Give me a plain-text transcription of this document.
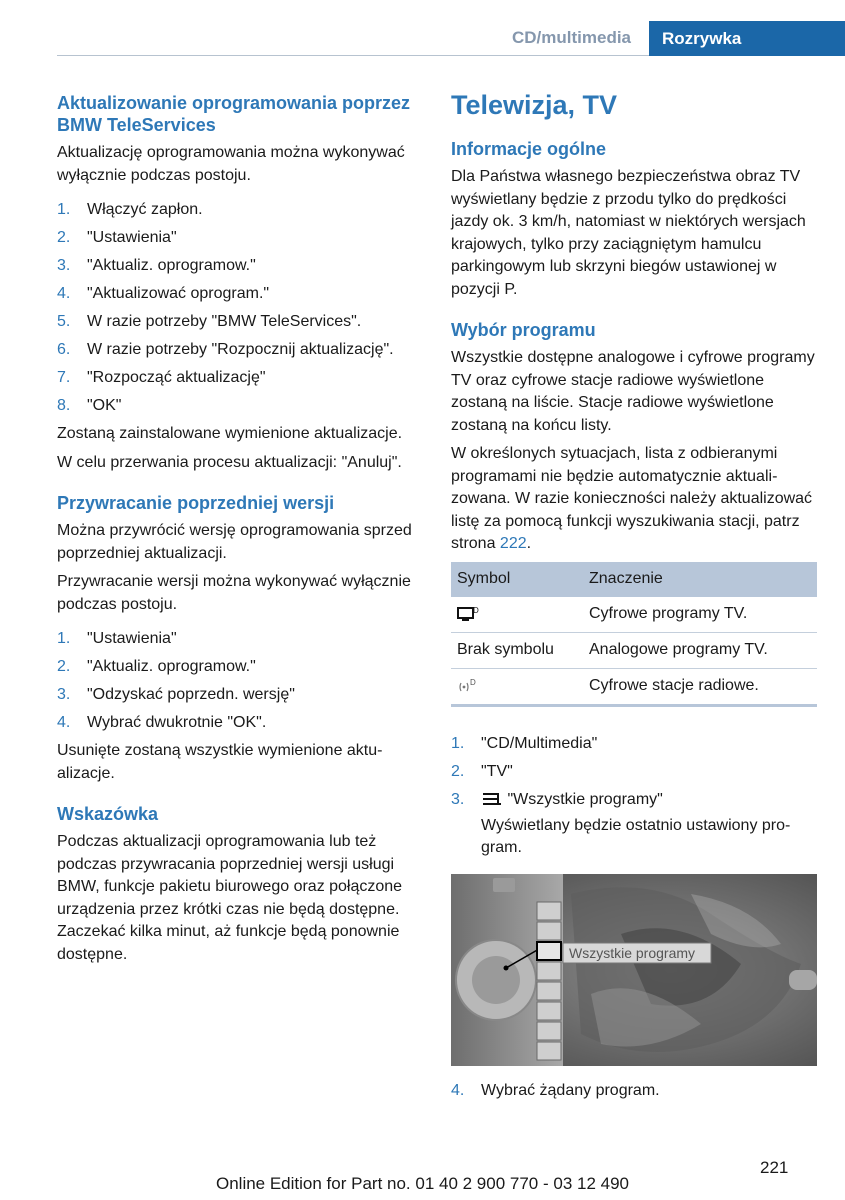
CD/multimedia	Rozrywka
Aktualizowanie oprogramowania poprzez BMW TeleServices

Aktualizację oprogramowania można wykonywać wyłącznie podczas postoju.

1.	Włączyć zapłon.
2.	"Ustawienia"
3.	"Aktualiz. oprogramow."
4.	"Aktualizować oprogram."
5.	W razie potrzeby "BMW TeleServices".
6.	W razie potrzeby "Rozpocznij aktualizację".
7.	"Rozpocząć aktualizację"
8.	"OK"

Zostaną zainstalowane wymienione aktualizacje.

W celu przerwania procesu aktualizacji: "Anuluj".

Przywracanie poprzedniej wersji

Można przywrócić wersję oprogramowania sprzed poprzedniej aktualizacji.

Przywracanie wersji można wykonywać wyłącznie podczas postoju.

1.	"Ustawienia"
2.	"Aktualiz. oprogramow."
3.	"Odzyskać poprzedn. wersję"
4.	Wybrać dwukrotnie "OK".

Usunięte zostaną wszystkie wymienione aktualizacje.

Wskazówka

Podczas aktualizacji oprogramowania lub też podczas przywracania poprzedniej wersji usługi BMW, funkcje pakietu biurowego oraz połączone urządzenia przez krótki czas nie będą dostępne. Zaczekać kilka minut, aż funkcje będą ponownie dostępne.

Telewizja, TV
Informacje ogólne

Dla Państwa własnego bezpieczeństwa obraz TV wyświetlany będzie z przodu tylko do prędkości jazdy ok. 3 km/h, natomiast w niektórych wersjach krajowych, tylko przy zaciągniętym hamulcu parkingowym lub skrzyni biegów ustawionej w pozycji P.

Wybór programu

Wszystkie dostępne analogowe i cyfrowe programy TV oraz cyfrowe stacje radiowe wyświetlone zostaną na liście. Stacje radiowe wyświetlone zostaną na końcu listy.

W określonych sytuacjach, lista z odbieranymi programami nie będzie automatycznie aktualizowana. W razie konieczności należy aktualizować listę za pomocą funkcji wyszukiwania stacji, patrz strona 222.

Symbol	Znaczenie

D	Cyfrowe programy TV.
Brak symbolu	Analogowe programy TV.

D	Cyfrowe stacje radiowe.
1.	"CD/Multimedia"
2.	"TV"
3.	"Wszystkie programy"
Wyświetlany będzie ostatnio ustawiony program.
Wszystkie programy
4.	Wybrać żądany program.
221
Online Edition for Part no. 01 40 2 900 770 - 03 12 490
